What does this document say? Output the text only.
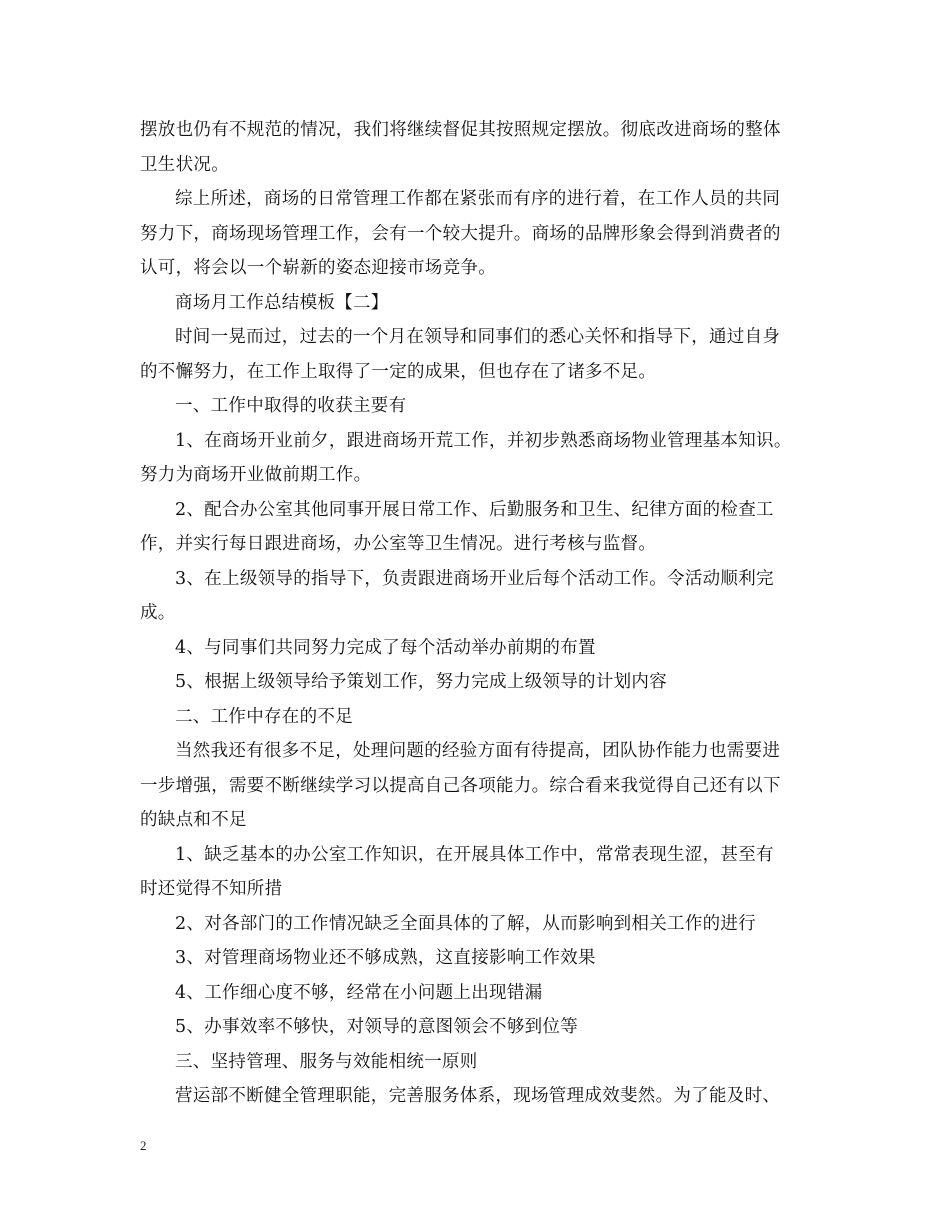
摆放也仍有不规范的情况，我们将继续督促其按照规定摆放。彻底改进商场的整体
卫生状况。
综上所述，商场的日常管理工作都在紧张而有序的进行着，在工作人员的共同
努力下，商场现场管理工作，会有一个较大提升。商场的品牌形象会得到消费者的
认可，将会以一个崭新的姿态迎接市场竞争。
商场月工作总结模板【二】
时间一晃而过，过去的一个月在领导和同事们的悉心关怀和指导下，通过自身
的不懈努力，在工作上取得了一定的成果，但也存在了诸多不足。
一、工作中取得的收获主要有
1、在商场开业前夕，跟进商场开荒工作，并初步熟悉商场物业管理基本知识。
努力为商场开业做前期工作。
2、配合办公室其他同事开展日常工作、后勤服务和卫生、纪律方面的检查工
作，并实行每日跟进商场，办公室等卫生情况。进行考核与监督。
3、在上级领导的指导下，负责跟进商场开业后每个活动工作。令活动顺利完
成。
4、与同事们共同努力完成了每个活动举办前期的布置
5、根据上级领导给予策划工作，努力完成上级领导的计划内容
二、工作中存在的不足
当然我还有很多不足，处理问题的经验方面有待提高，团队协作能力也需要进
一步增强，需要不断继续学习以提高自己各项能力。综合看来我觉得自己还有以下
的缺点和不足
1、缺乏基本的办公室工作知识，在开展具体工作中，常常表现生涩，甚至有
时还觉得不知所措
2、对各部门的工作情况缺乏全面具体的了解，从而影响到相关工作的进行
3、对管理商场物业还不够成熟，这直接影响工作效果
4、工作细心度不够，经常在小问题上出现错漏
5、办事效率不够快，对领导的意图领会不够到位等
三、坚持管理、服务与效能相统一原则
营运部不断健全管理职能，完善服务体系，现场管理成效斐然。为了能及时、
2
